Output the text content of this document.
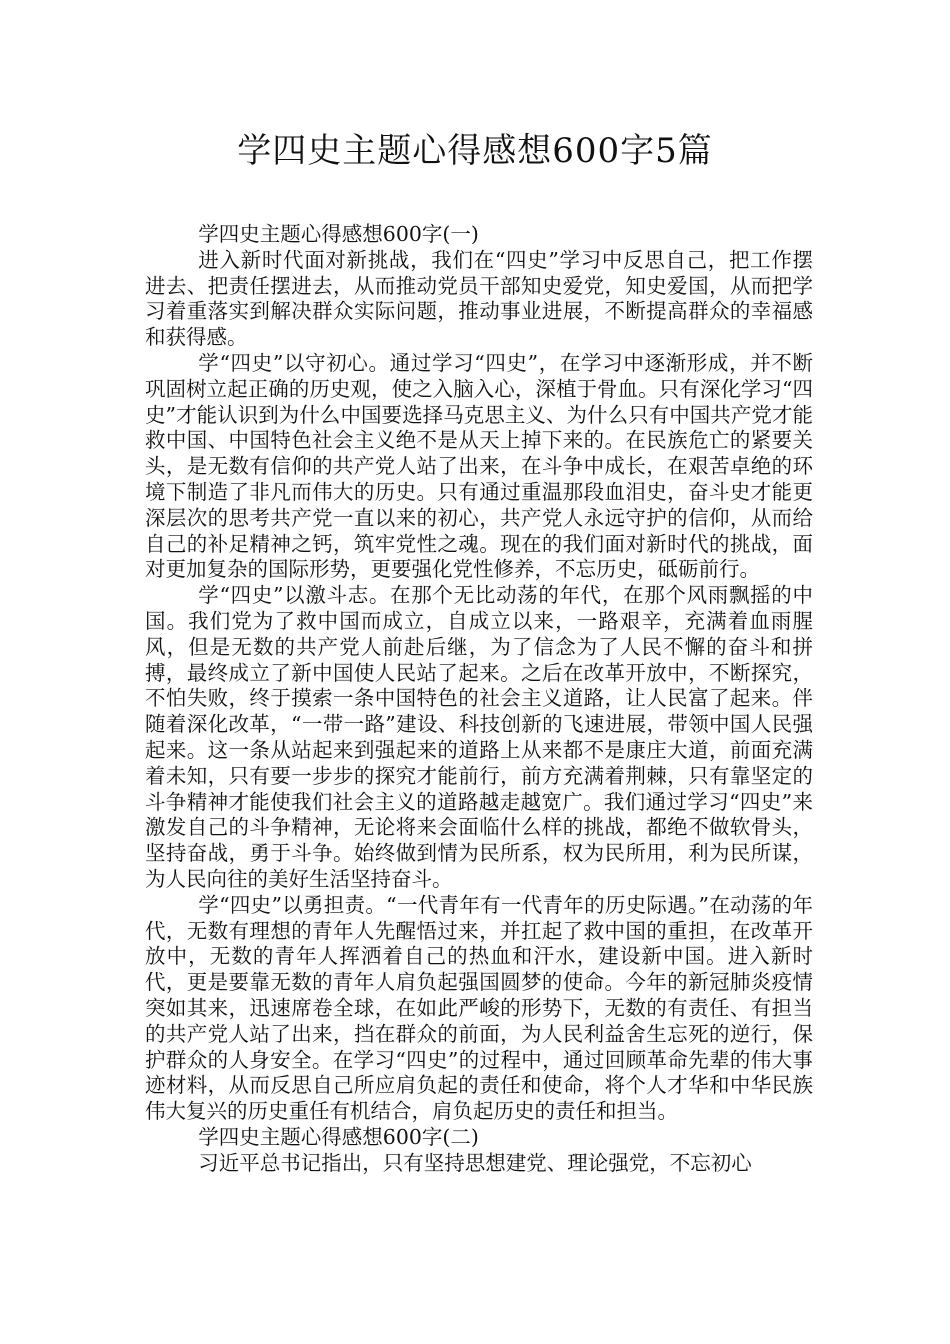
学四史主题心得感想600字5篇

学四史主题心得感想600字(一)

进入新时代面对新挑战，我们在“四史”学习中反思自己，把工作摆进去、把责任摆进去，从而推动党员干部知史爱党，知史爱国，从而把学习着重落实到解决群众实际问题，推动事业进展，不断提高群众的幸福感和获得感。

学“四史”以守初心。通过学习“四史”，在学习中逐渐形成，并不断巩固树立起正确的历史观，使之入脑入心，深植于骨血。只有深化学习“四史”才能认识到为什么中国要选择马克思主义、为什么只有中国共产党才能救中国、中国特色社会主义绝不是从天上掉下来的。在民族危亡的紧要关头，是无数有信仰的共产党人站了出来，在斗争中成长，在艰苦卓绝的环境下制造了非凡而伟大的历史。只有通过重温那段血泪史，奋斗史才能更深层次的思考共产党一直以来的初心，共产党人永远守护的信仰，从而给自己的补足精神之钙，筑牢党性之魂。现在的我们面对新时代的挑战，面对更加复杂的国际形势，更要强化党性修养，不忘历史，砥砺前行。

学“四史”以激斗志。在那个无比动荡的年代，在那个风雨飘摇的中国。我们党为了救中国而成立，自成立以来，一路艰辛，充满着血雨腥风，但是无数的共产党人前赴后继，为了信念为了人民不懈的奋斗和拼搏，最终成立了新中国使人民站了起来。之后在改革开放中，不断探究，不怕失败，终于摸索一条中国特色的社会主义道路，让人民富了起来。伴随着深化改革，“一带一路”建设、科技创新的飞速进展，带领中国人民强起来。这一条从站起来到强起来的道路上从来都不是康庄大道，前面充满着未知，只有要一步步的探究才能前行，前方充满着荆棘，只有靠坚定的斗争精神才能使我们社会主义的道路越走越宽广。我们通过学习“四史”来激发自己的斗争精神，无论将来会面临什么样的挑战，都绝不做软骨头，坚持奋战，勇于斗争。始终做到情为民所系，权为民所用，利为民所谋，为人民向往的美好生活坚持奋斗。

学“四史”以勇担责。“一代青年有一代青年的历史际遇。”在动荡的年代，无数有理想的青年人先醒悟过来，并扛起了救中国的重担，在改革开放中，无数的青年人挥洒着自己的热血和汗水，建设新中国。进入新时代，更是要靠无数的青年人肩负起强国圆梦的使命。今年的新冠肺炎疫情突如其来，迅速席卷全球，在如此严峻的形势下，无数的有责任、有担当的共产党人站了出来，挡在群众的前面，为人民利益舍生忘死的逆行，保护群众的人身安全。在学习“四史”的过程中，通过回顾革命先辈的伟大事迹材料，从而反思自己所应肩负起的责任和使命，将个人才华和中华民族伟大复兴的历史重任有机结合，肩负起历史的责任和担当。

学四史主题心得感想600字(二)

习近平总书记指出，只有坚持思想建党、理论强党，不忘初心
